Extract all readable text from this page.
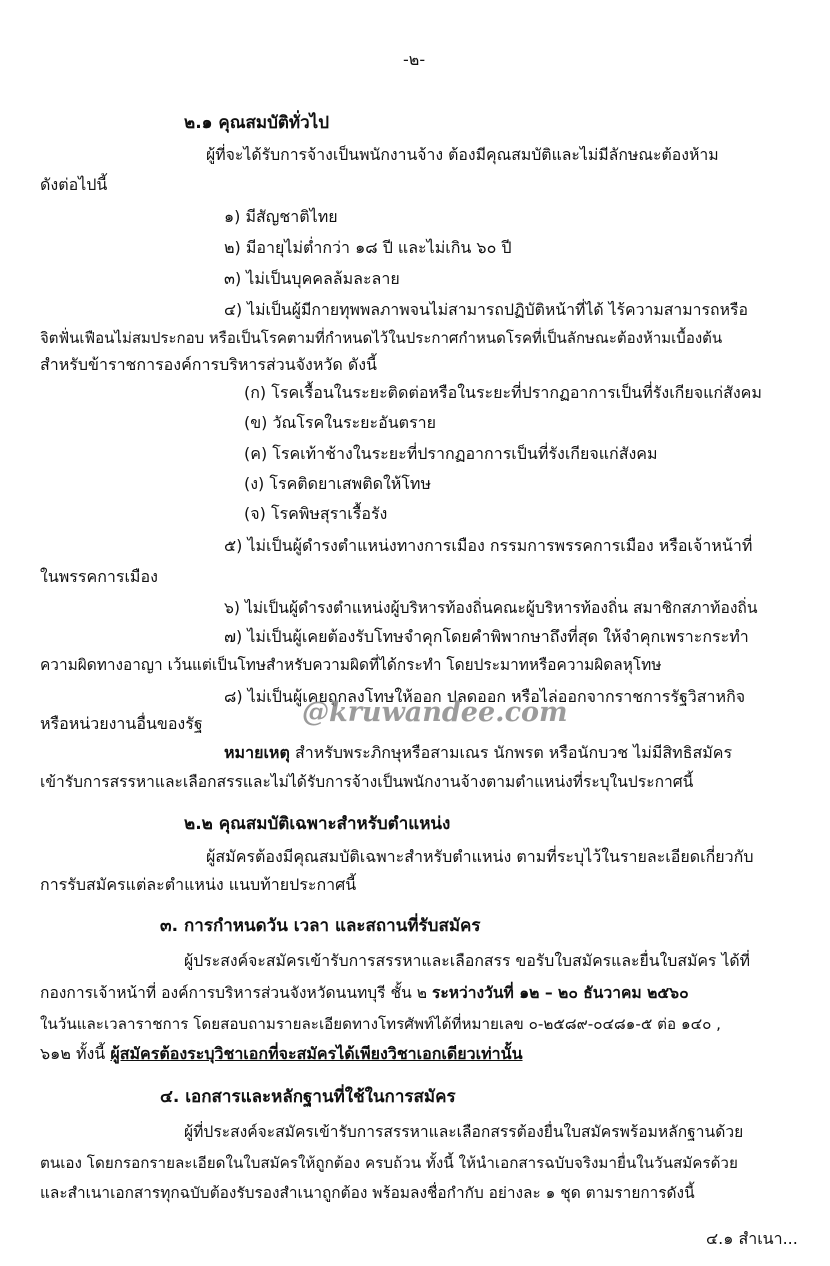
-๒-
๒.๑ คุณสมบัติทั่วไป
ผู้ที่จะได้รับการจ้างเป็นพนักงานจ้าง ต้องมีคุณสมบัติและไม่มีลักษณะต้องห้าม
ดังต่อไปนี้
๑) มีสัญชาติไทย
๒) มีอายุไม่ต่ำกว่า ๑๘ ปี และไม่เกิน ๖๐ ปี
๓) ไม่เป็นบุคคลล้มละลาย
๔) ไม่เป็นผู้มีกายทุพพลภาพจนไม่สามารถปฏิบัติหน้าที่ได้ ไร้ความสามารถหรือ
จิตฟั่นเฟือนไม่สมประกอบ หรือเป็นโรคตามที่กำหนดไว้ในประกาศกำหนดโรคที่เป็นลักษณะต้องห้ามเบื้องต้น
สำหรับข้าราชการองค์การบริหารส่วนจังหวัด ดังนี้
(ก) โรคเรื้อนในระยะติดต่อหรือในระยะที่ปรากฏอาการเป็นที่รังเกียจแก่สังคม
(ข) วัณโรคในระยะอันตราย
(ค) โรคเท้าช้างในระยะที่ปรากฏอาการเป็นที่รังเกียจแก่สังคม
(ง) โรคติดยาเสพติดให้โทษ
(จ) โรคพิษสุราเรื้อรัง
๕) ไม่เป็นผู้ดำรงตำแหน่งทางการเมือง กรรมการพรรคการเมือง หรือเจ้าหน้าที่
ในพรรคการเมือง
๖) ไม่เป็นผู้ดำรงตำแหน่งผู้บริหารท้องถิ่นคณะผู้บริหารท้องถิ่น สมาชิกสภาท้องถิ่น
๗) ไม่เป็นผู้เคยต้องรับโทษจำคุกโดยคำพิพากษาถึงที่สุด ให้จำคุกเพราะกระทำ
ความผิดทางอาญา เว้นแต่เป็นโทษสำหรับความผิดที่ได้กระทำ โดยประมาทหรือความผิดลหุโทษ
๘) ไม่เป็นผู้เคยถูกลงโทษให้ออก ปลดออก หรือไล่ออกจากราชการรัฐวิสาหกิจ
หรือหน่วยงานอื่นของรัฐ	@kruwandee.com
หมายเหตุ สำหรับพระภิกษุหรือสามเณร นักพรต หรือนักบวช ไม่มีสิทธิสมัคร
เข้ารับการสรรหาและเลือกสรรและไม่ได้รับการจ้างเป็นพนักงานจ้างตามตำแหน่งที่ระบุในประกาศนี้
๒.๒ คุณสมบัติเฉพาะสำหรับตำแหน่ง
ผู้สมัครต้องมีคุณสมบัติเฉพาะสำหรับตำแหน่ง ตามที่ระบุไว้ในรายละเอียดเกี่ยวกับ
การรับสมัครแต่ละตำแหน่ง แนบท้ายประกาศนี้
๓. การกำหนดวัน เวลา และสถานที่รับสมัคร
ผู้ประสงค์จะสมัครเข้ารับการสรรหาและเลือกสรร ขอรับใบสมัครและยื่นใบสมัคร ได้ที่
กองการเจ้าหน้าที่ องค์การบริหารส่วนจังหวัดนนทบุรี ชั้น ๒ ระหว่างวันที่ ๑๒ – ๒๐ ธันวาคม ๒๕๖๐
ในวันและเวลาราชการ โดยสอบถามรายละเอียดทางโทรศัพท์ได้ที่หมายเลข ๐-๒๕๘๙-๐๔๘๑-๕ ต่อ ๑๔๐ ,
๖๑๒ ทั้งนี้ ผู้สมัครต้องระบุวิชาเอกที่จะสมัครได้เพียงวิชาเอกเดียวเท่านั้น
๔. เอกสารและหลักฐานที่ใช้ในการสมัคร
ผู้ที่ประสงค์จะสมัครเข้ารับการสรรหาและเลือกสรรต้องยื่นใบสมัครพร้อมหลักฐานด้วย
ตนเอง โดยกรอกรายละเอียดในใบสมัครให้ถูกต้อง ครบถ้วน ทั้งนี้ ให้นำเอกสารฉบับจริงมายื่นในวันสมัครด้วย
และสำเนาเอกสารทุกฉบับต้องรับรองสำเนาถูกต้อง พร้อมลงชื่อกำกับ อย่างละ ๑ ชุด ตามรายการดังนี้
๔.๑ สำเนา...
